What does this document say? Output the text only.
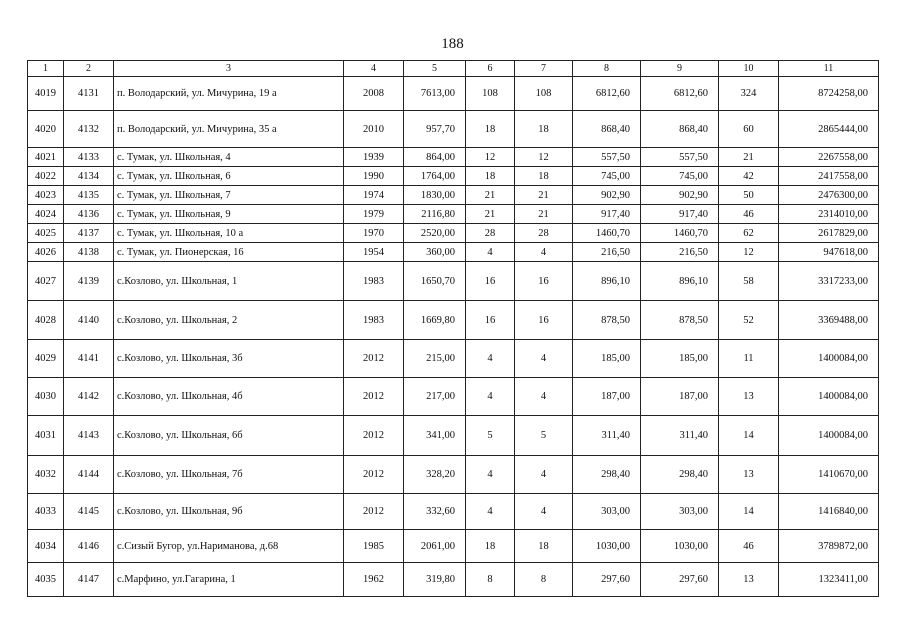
188
1	2	3	4	5	6	7	8	9	10	11
4019	4131	п. Володарский, ул. Мичурина, 19 а	2008	7613,00	108	108	6812,60	6812,60	324	8724258,00
4020	4132	п. Володарский, ул. Мичурина, 35 а	2010	957,70	18	18	868,40	868,40	60	2865444,00
4021	4133	с. Тумак, ул. Школьная, 4	1939	864,00	12	12	557,50	557,50	21	2267558,00
4022	4134	с. Тумак, ул. Школьная, 6	1990	1764,00	18	18	745,00	745,00	42	2417558,00
4023	4135	с. Тумак, ул. Школьная, 7	1974	1830,00	21	21	902,90	902,90	50	2476300,00
4024	4136	с. Тумак, ул. Школьная, 9	1979	2116,80	21	21	917,40	917,40	46	2314010,00
4025	4137	с. Тумак, ул. Школьная, 10 а	1970	2520,00	28	28	1460,70	1460,70	62	2617829,00
4026	4138	с. Тумак, ул. Пионерская, 16	1954	360,00	4	4	216,50	216,50	12	947618,00
4027	4139	с.Козлово, ул. Школьная, 1	1983	1650,70	16	16	896,10	896,10	58	3317233,00
4028	4140	с.Козлово, ул. Школьная, 2	1983	1669,80	16	16	878,50	878,50	52	3369488,00
4029	4141	с.Козлово, ул. Школьная, 3б	2012	215,00	4	4	185,00	185,00	11	1400084,00
4030	4142	с.Козлово, ул. Школьная, 4б	2012	217,00	4	4	187,00	187,00	13	1400084,00
4031	4143	с.Козлово, ул. Школьная, 6б	2012	341,00	5	5	311,40	311,40	14	1400084,00
4032	4144	с.Козлово, ул. Школьная, 7б	2012	328,20	4	4	298,40	298,40	13	1410670,00
4033	4145	с.Козлово, ул. Школьная, 9б	2012	332,60	4	4	303,00	303,00	14	1416840,00
4034	4146	с.Сизый Бугор, ул.Нариманова, д.68	1985	2061,00	18	18	1030,00	1030,00	46	3789872,00
4035	4147	с.Марфино, ул.Гагарина, 1	1962	319,80	8	8	297,60	297,60	13	1323411,00
